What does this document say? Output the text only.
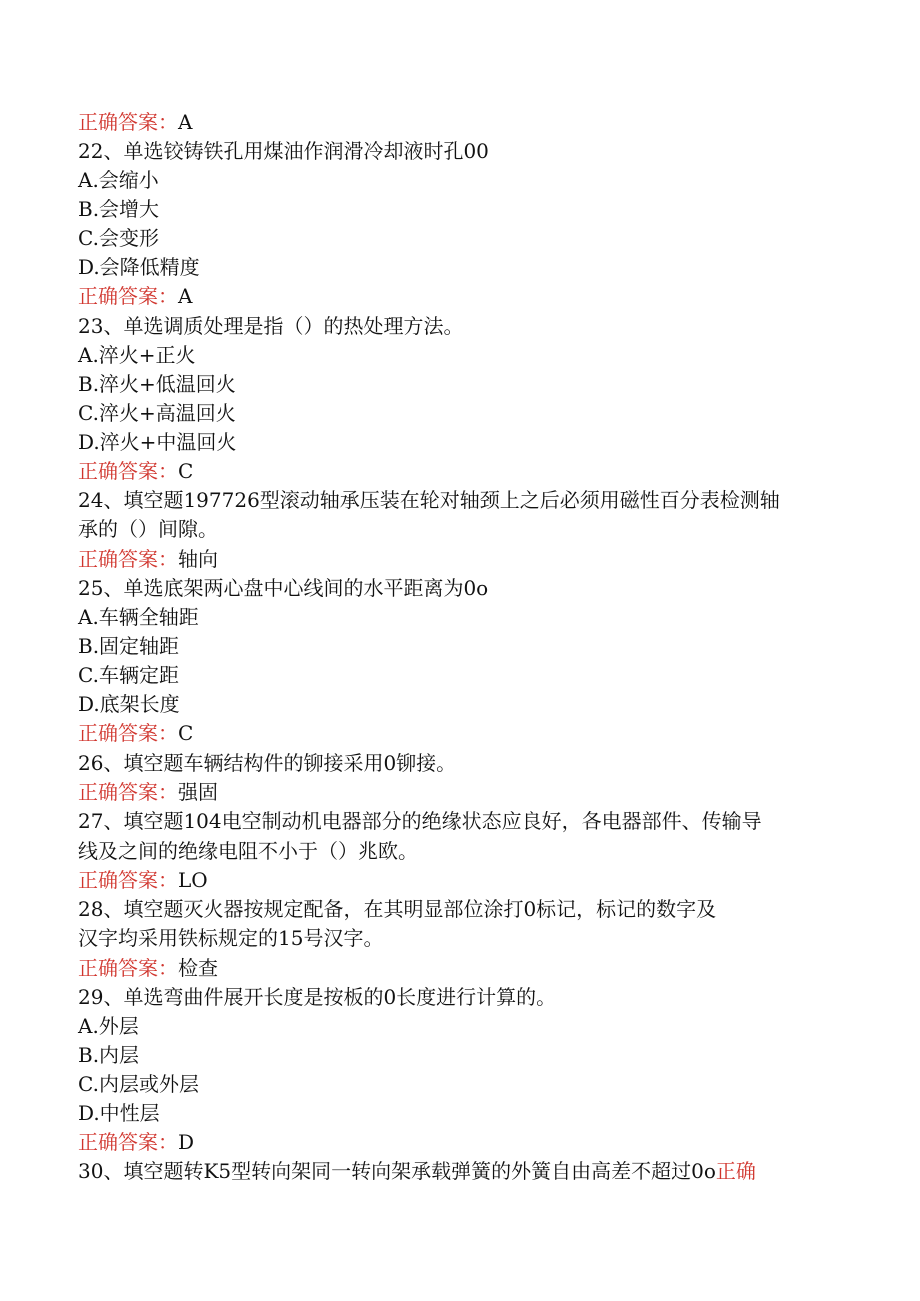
正确答案：A
22、单选铰铸铁孔用煤油作润滑冷却液时孔00
A.会缩小
B.会增大
C.会变形
D.会降低精度
正确答案：A
23、单选调质处理是指（）的热处理方法。
A.淬火+正火
B.淬火+低温回火
C.淬火+高温回火
D.淬火+中温回火
正确答案：C
24、填空题197726型滚动轴承压装在轮对轴颈上之后必须用磁性百分表检测轴
承的（）间隙。
正确答案：轴向
25、单选底架两心盘中心线间的水平距离为0o
A.车辆全轴距
B.固定轴距
C.车辆定距
D.底架长度
正确答案：C
26、填空题车辆结构件的铆接采用0铆接。
正确答案：强固
27、填空题104电空制动机电器部分的绝缘状态应良好，各电器部件、传输导
线及之间的绝缘电阻不小于（）兆欧。
正确答案：LO
28、填空题灭火器按规定配备，在其明显部位涂打0标记，标记的数字及
汉字均采用铁标规定的15号汉字。
正确答案：检查
29、单选弯曲件展开长度是按板的0长度进行计算的。
A.外层
B.内层
C.内层或外层
D.中性层
正确答案：D
30、填空题转K5型转向架同一转向架承载弹簧的外簧自由高差不超过0o正确
